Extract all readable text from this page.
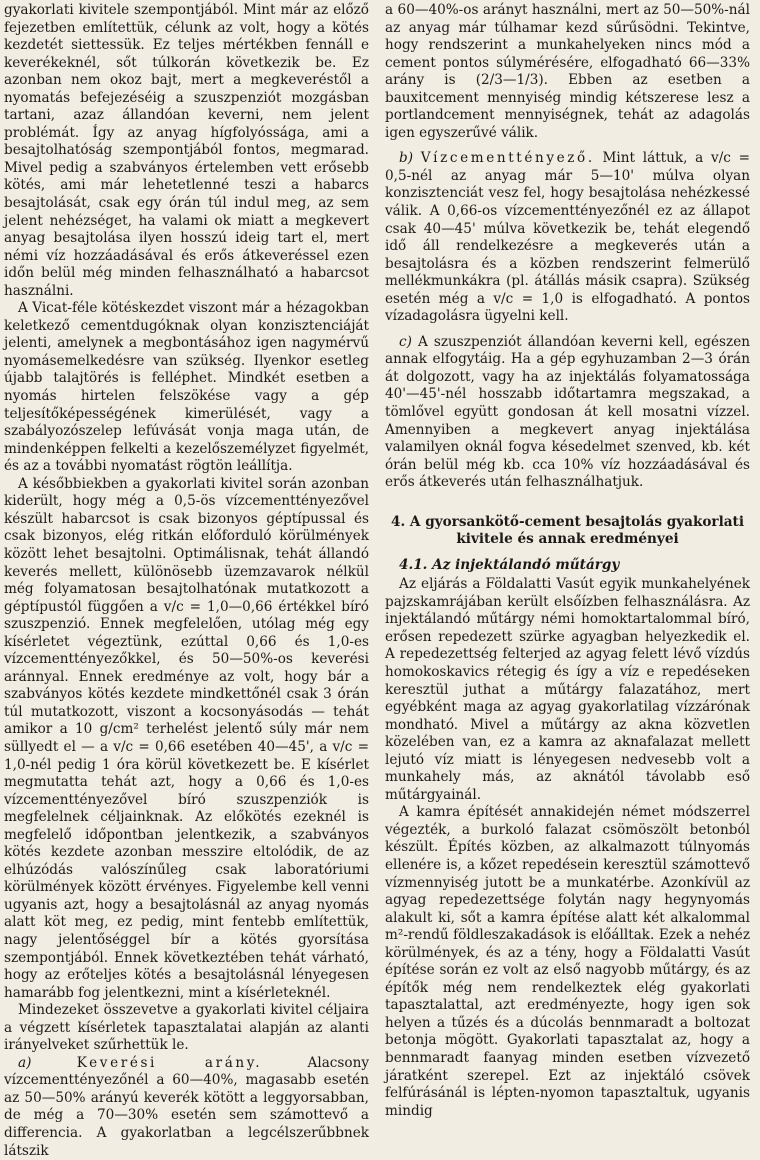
gyakorlati kivitele szempontjából. Mint már az előző fejezetben említettük, célunk az volt, hogy a kötés kezdetét siettessük. Ez teljes mértékben fennáll e keverékeknél, sőt túlkorán következik be. Ez azonban nem okoz bajt, mert a megkeveréstől a nyomatás befejezéséig a szuszpenziót mozgásban tartani, azaz állandóan keverni, nem jelent problémát. Így az anyag hígfolyóssága, ami a besajtolhatóság szempontjából fontos, megmarad. Mivel pedig a szabványos értelemben vett erősebb kötés, ami már lehetetlenné teszi a habarcs besajtolását, csak egy órán túl indul meg, az sem jelent nehézséget, ha valami ok miatt a megkevert anyag besajtolása ilyen hosszú ideig tart el, mert némi víz hozzáadásával és erős átkeveréssel ezen időn belül még minden felhasználható a habarcsot használni.

A Vicat-féle kötéskezdet viszont már a hézagokban keletkező cementdugóknak olyan konzisztenciáját jelenti, amelynek a megbontásához igen nagymérvű nyomásemelkedésre van szükség. Ilyenkor esetleg újabb talajtörés is felléphet. Mindkét esetben a nyomás hirtelen felszökése vagy a gép teljesítőképességének kimerülését, vagy a szabályozószelep lefúvását vonja maga után, de mindenképpen felkelti a kezelőszemélyzet figyelmét, és az a további nyomatást rögtön leállítja.

A későbbiekben a gyakorlati kivitel során azonban kiderült, hogy még a 0,5-ös vízcementtényezővel készült habarcsot is csak bizonyos géptípussal és csak bizonyos, elég ritkán előforduló körülmények között lehet besajtolni. Optimálisnak, tehát állandó keverés mellett, különösebb üzemzavarok nélkül még folyamatosan besajtolhatónak mutatkozott a géptípustól függően a v/c = 1,0—0,66 értékkel bíró szuszpenzió. Ennek megfelelően, utólag még egy kísérletet végeztünk, ezúttal 0,66 és 1,0-es vízcementtényezőkkel, és 50—50%-os keverési aránnyal. Ennek eredménye az volt, hogy bár a szabványos kötés kezdete mindkettőnél csak 3 órán túl mutatkozott, viszont a kocsonyásodás — tehát amikor a 10 g/cm² terhelést jelentő súly már nem süllyedt el — a v/c = 0,66 esetében 40—45', a v/c = 1,0-nél pedig 1 óra körül következett be. E kísérlet megmutatta tehát azt, hogy a 0,66 és 1,0-es vízcementtényezővel bíró szuszpenziók is megfelelnek céljainknak. Az előkötés ezeknél is megfelelő időpontban jelentkezik, a szabványos kötés kezdete azonban messzire eltolódik, de az elhúzódás valószínűleg csak laboratóriumi körülmények között érvényes. Figyelembe kell venni ugyanis azt, hogy a besajtolásnál az anyag nyomás alatt köt meg, ez pedig, mint fentebb említettük, nagy jelentőséggel bír a kötés gyorsítása szempontjából. Ennek következtében tehát várható, hogy az erőteljes kötés a besajtolásnál lényegesen hamarább fog jelentkezni, mint a kísérleteknél.

Mindezeket összevetve a gyakorlati kivitel céljaira a végzett kísérletek tapasztalatai alapján az alanti irányelveket szűrhettük le.

a)	Keverési arány.	Alacsony vízcementtényezőnél a 60—40%, magasabb esetén az 50—50% arányú keverék kötött a leggyorsabban, de még a 70—30% esetén sem számottevő a differencia. A gyakorlatban a legcélszerűbbnek látszik

a 60—40%-os arányt használni, mert az 50—50%-nál az anyag már túlhamar kezd sűrűsödni. Tekintve, hogy rendszerint a munkahelyeken nincs mód a cement pontos súlymérésére, elfogadható 66—33% arány is (2/3—1/3). Ebben az esetben a bauxitcement mennyiség mindig kétszerese lesz a portlandcement mennyiségnek, tehát az adagolás igen egyszerűvé válik.

b) Vízcementtényező. Mint láttuk, a v/c = 0,5-nél az anyag már 5—10' múlva olyan konzisztenciát vesz fel, hogy besajtolása nehézkessé válik. A 0,66-os vízcementtényezőnél ez az állapot csak 40—45' múlva következik be, tehát elegendő idő áll rendelkezésre a megkeverés után a besajtolásra és a közben rendszerint felmerülő mellékmunkákra (pl. átállás másik csapra). Szükség esetén még a v/c = 1,0 is elfogadható. A pontos vízadagolásra ügyelni kell.

c) A szuszpenziót állandóan keverni kell, egészen annak elfogytáig. Ha a gép egyhuzamban 2—3 órán át dolgozott, vagy ha az injektálás folyamatossága 40'—45'-nél hosszabb időtartamra megszakad, a tömlővel együtt gondosan át kell mosatni vízzel. Amennyiben a megkevert anyag injektálása valamilyen oknál fogva késedelmet szenved, kb. két órán belül még kb. cca 10% víz hozzáadásával és erős átkeverés után felhasználhatjuk.

4. A gyorsankötő-cement besajtolás gyakorlati kivitele és annak eredményei
4.1. Az injektálandó műtárgy

Az eljárás a Földalatti Vasút egyik munkahelyének pajzskamrájában került elsőízben felhasználásra. Az injektálandó műtárgy némi homoktartalommal bíró, erősen repedezett szürke agyagban helyezkedik el. A repedezettség felterjed az agyag felett lévő vízdús homokoskavics rétegig és így a víz e repedéseken keresztül juthat a műtárgy falazatához, mert egyébként maga az agyag gyakorlatilag vízzárónak mondható. Mivel a műtárgy az akna közvetlen közelében van, ez a kamra az aknafalazat mellett lejutó víz miatt is lényegesen nedvesebb volt a munkahely más, az aknától távolabb eső műtárgyainál.

A kamra építését annakidején német módszerrel végezték, a burkoló falazat csömöszölt betonból készült. Építés közben, az alkalmazott túlnyomás ellenére is, a kőzet repedésein keresztül számottevő vízmennyiség jutott be a munkatérbe. Azonkívül az agyag repedezettsége folytán nagy hegynyomás alakult ki, sőt a kamra építése alatt két alkalommal m²-rendű földleszakadások is előálltak. Ezek a nehéz körülmények, és az a tény, hogy a Földalatti Vasút építése során ez volt az első nagyobb műtárgy, és az építők még nem rendelkeztek elég gyakorlati tapasztalattal, azt eredményezte, hogy igen sok helyen a tűzés és a dúcolás bennmaradt a boltozat betonja mögött. Gyakorlati tapasztalat az, hogy a bennmaradt faanyag minden esetben vízvezető járatként szerepel. Ezt az injektáló csövek felfúrásánál is lépten-nyomon tapasztaltuk, ugyanis mindig
